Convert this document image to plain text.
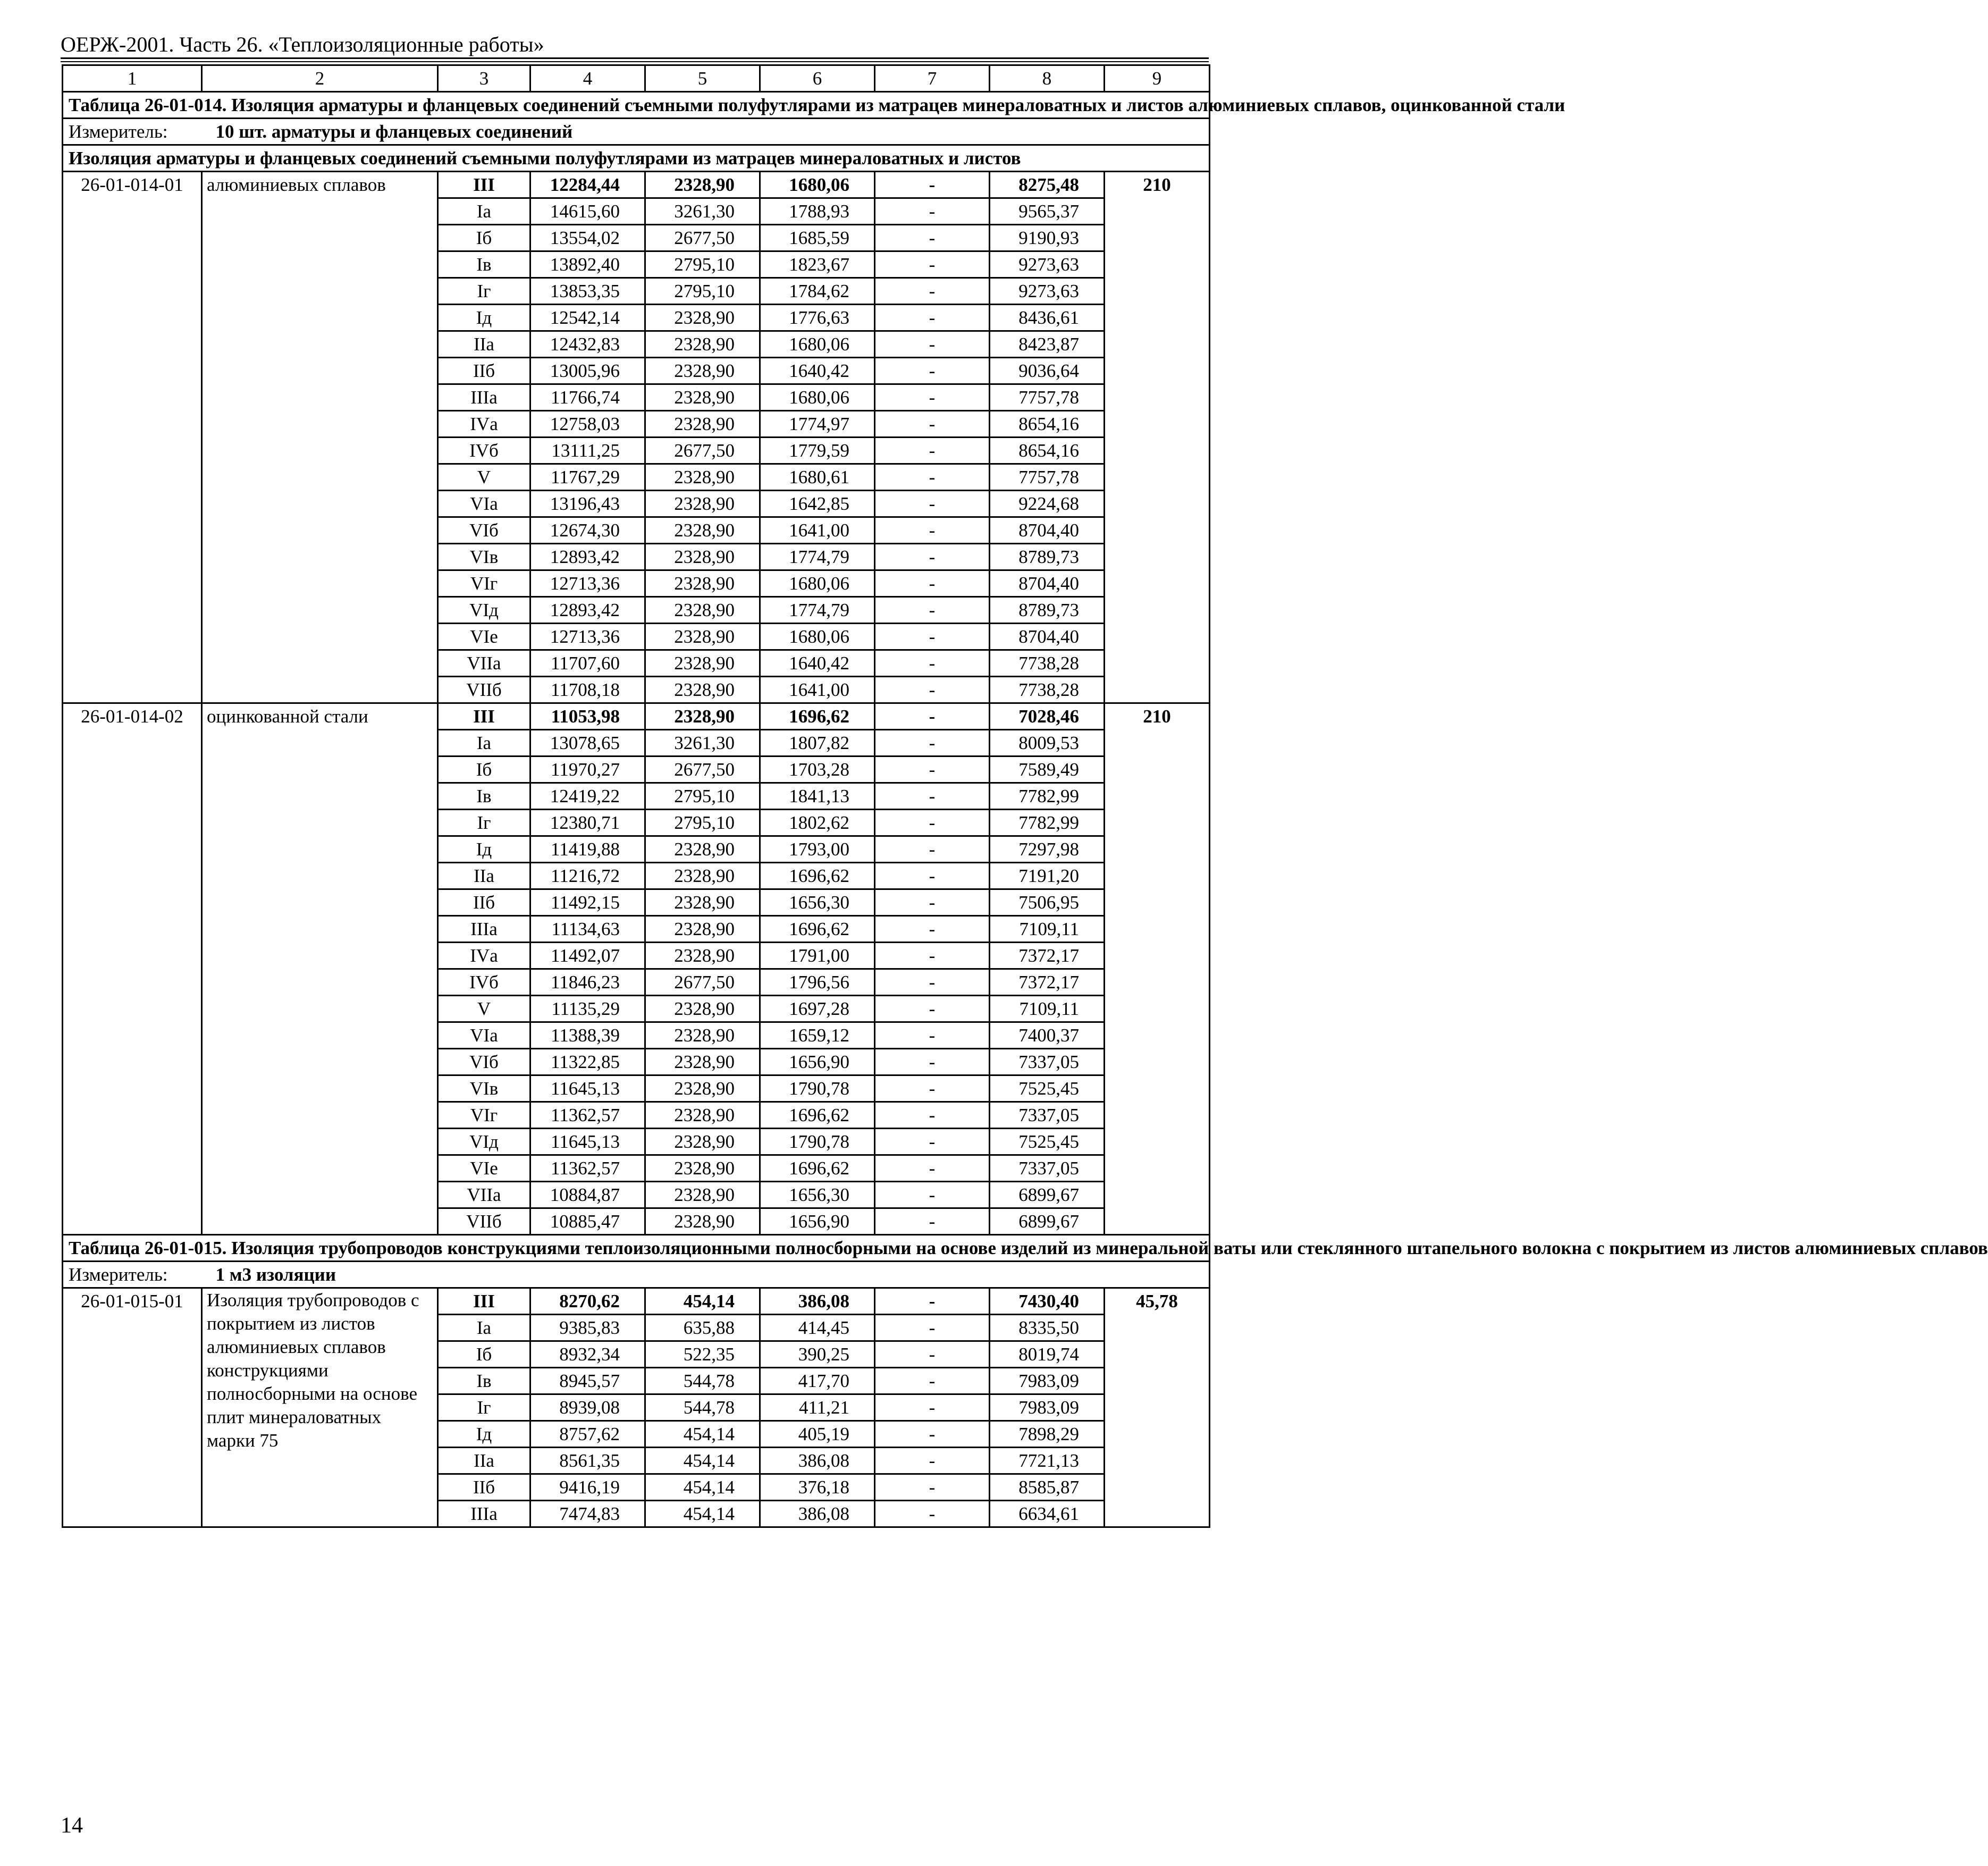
ОЕРЖ-2001. Часть 26. «Теплоизоляционные работы»
1	2	3	4	5	6	7	8	9
Таблица 26-01-014. Изоляция арматуры и фланцевых соединений съемными полуфутлярами из матрацев минераловатных и листов алюминиевых сплавов, оцинкованной стали								
Измеритель: 10 шт. арматуры и фланцевых соединений								
Изоляция арматуры и фланцевых соединений съемными полуфутлярами из матрацев минераловатных и листов								
26-01-014-01	алюминиевых сплавов	III	12284,44	2328,90	1680,06	-	8275,48	210
		Iа	14615,60	3261,30	1788,93	-	9565,37	
		Iб	13554,02	2677,50	1685,59	-	9190,93	
		Iв	13892,40	2795,10	1823,67	-	9273,63	
		Iг	13853,35	2795,10	1784,62	-	9273,63	
		Iд	12542,14	2328,90	1776,63	-	8436,61	
		IIа	12432,83	2328,90	1680,06	-	8423,87	
		IIб	13005,96	2328,90	1640,42	-	9036,64	
		IIIа	11766,74	2328,90	1680,06	-	7757,78	
		IVа	12758,03	2328,90	1774,97	-	8654,16	
		IVб	13111,25	2677,50	1779,59	-	8654,16	
		V	11767,29	2328,90	1680,61	-	7757,78	
		VIа	13196,43	2328,90	1642,85	-	9224,68	
		VIб	12674,30	2328,90	1641,00	-	8704,40	
		VIв	12893,42	2328,90	1774,79	-	8789,73	
		VIг	12713,36	2328,90	1680,06	-	8704,40	
		VIд	12893,42	2328,90	1774,79	-	8789,73	
		VIе	12713,36	2328,90	1680,06	-	8704,40	
		VIIа	11707,60	2328,90	1640,42	-	7738,28	
		VIIб	11708,18	2328,90	1641,00	-	7738,28	
26-01-014-02	оцинкованной стали	III	11053,98	2328,90	1696,62	-	7028,46	210
		Iа	13078,65	3261,30	1807,82	-	8009,53	
		Iб	11970,27	2677,50	1703,28	-	7589,49	
		Iв	12419,22	2795,10	1841,13	-	7782,99	
		Iг	12380,71	2795,10	1802,62	-	7782,99	
		Iд	11419,88	2328,90	1793,00	-	7297,98	
		IIа	11216,72	2328,90	1696,62	-	7191,20	
		IIб	11492,15	2328,90	1656,30	-	7506,95	
		IIIа	11134,63	2328,90	1696,62	-	7109,11	
		IVа	11492,07	2328,90	1791,00	-	7372,17	
		IVб	11846,23	2677,50	1796,56	-	7372,17	
		V	11135,29	2328,90	1697,28	-	7109,11	
		VIа	11388,39	2328,90	1659,12	-	7400,37	
		VIб	11322,85	2328,90	1656,90	-	7337,05	
		VIв	11645,13	2328,90	1790,78	-	7525,45	
		VIг	11362,57	2328,90	1696,62	-	7337,05	
		VIд	11645,13	2328,90	1790,78	-	7525,45	
		VIе	11362,57	2328,90	1696,62	-	7337,05	
		VIIа	10884,87	2328,90	1656,30	-	6899,67	
		VIIб	10885,47	2328,90	1656,90	-	6899,67	
Таблица 26-01-015. Изоляция трубопроводов конструкциями теплоизоляционными полносборными на основе изделий из минеральной ваты или стеклянного штапельного волокна с покрытием из листов алюминиевых сплавов								
Измеритель: 1 м3 изоляции								
26-01-015-01	Изоляция трубопроводов с покрытием из листов алюминиевых сплавов конструкциями полносборными на основе плит минераловатных марки 75	III	8270,62	454,14	386,08	-	7430,40	45,78
		Iа	9385,83	635,88	414,45	-	8335,50	
		Iб	8932,34	522,35	390,25	-	8019,74	
		Iв	8945,57	544,78	417,70	-	7983,09	
		Iг	8939,08	544,78	411,21	-	7983,09	
		Iд	8757,62	454,14	405,19	-	7898,29	
		IIа	8561,35	454,14	386,08	-	7721,13	
		IIб	9416,19	454,14	376,18	-	8585,87	
		IIIа	7474,83	454,14	386,08	-	6634,61	
14
